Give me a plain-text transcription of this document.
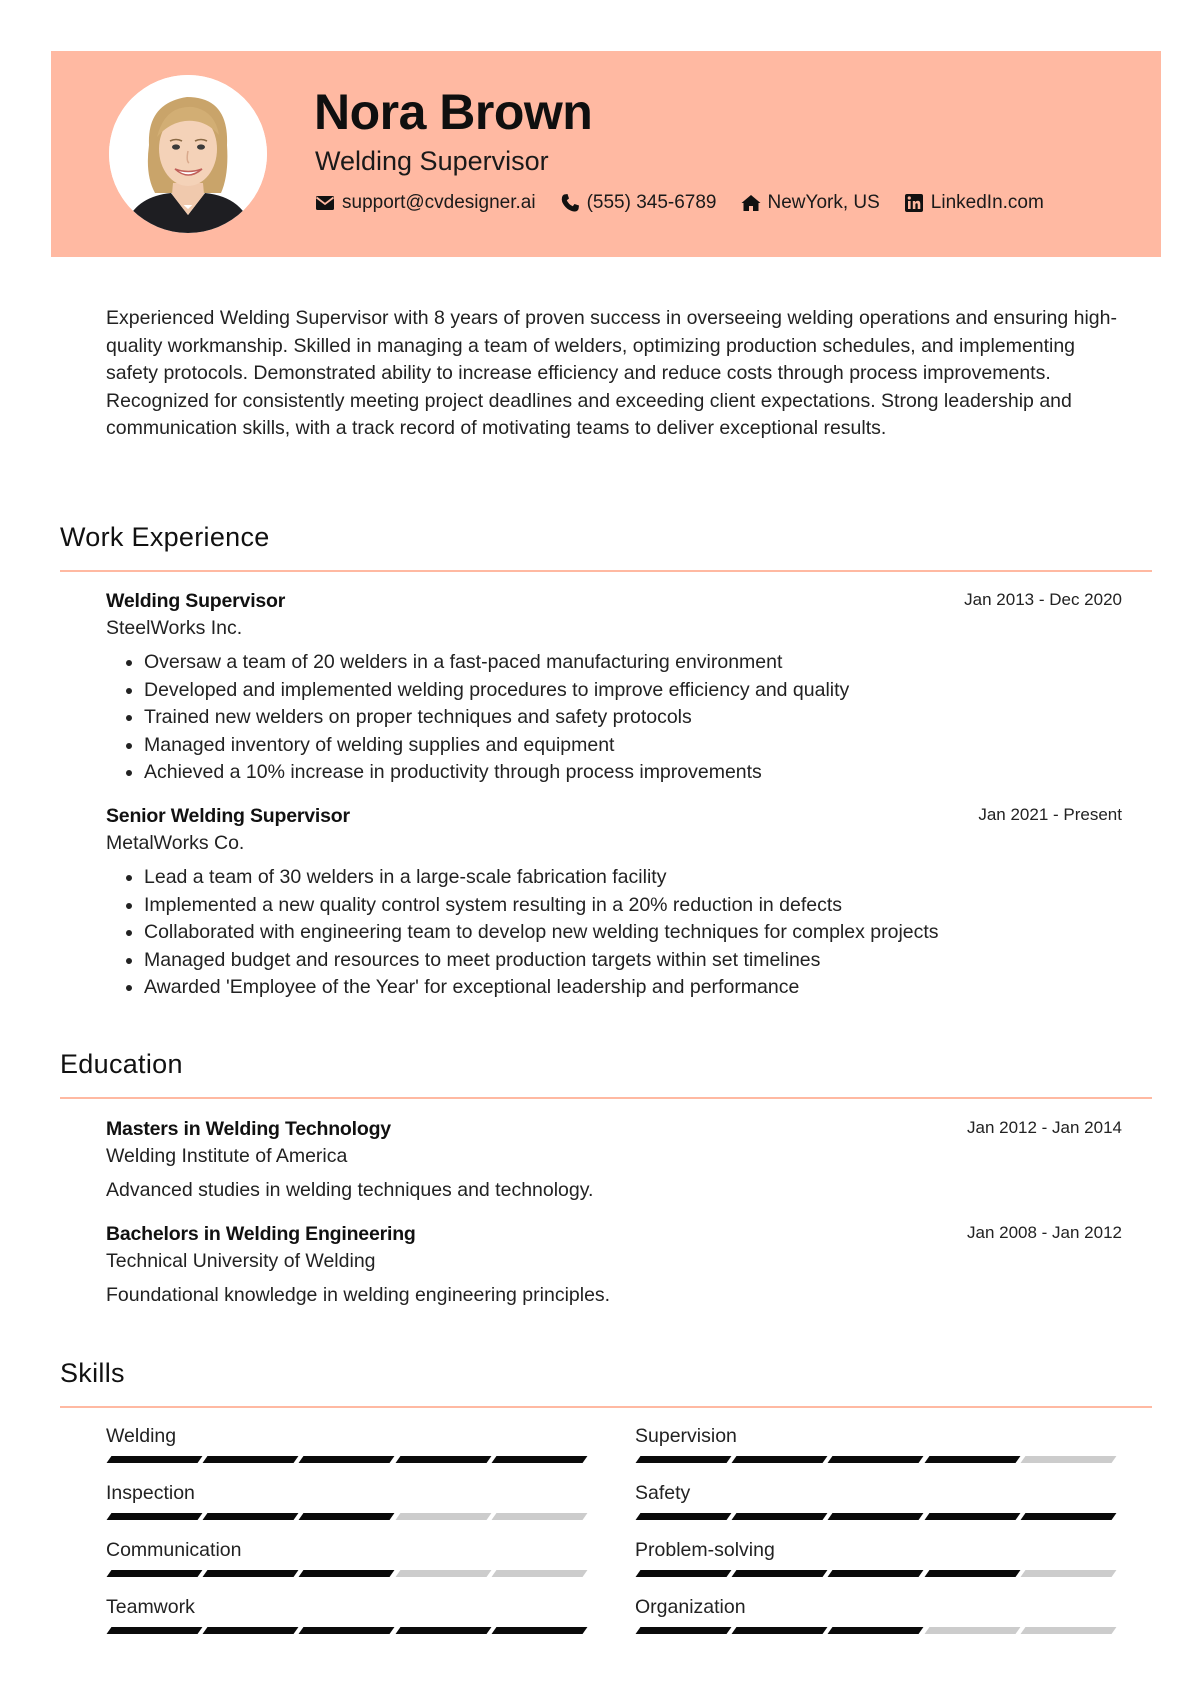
Nora Brown
Welding Supervisor
support@cvdesigner.ai	(555) 345-6789	NewYork, US	LinkedIn.com

Experienced Welding Supervisor with 8 years of proven success in overseeing welding operations and ensuring high-quality workmanship. Skilled in managing a team of welders, optimizing production schedules, and implementing safety protocols. Demonstrated ability to increase efficiency and reduce costs through process improvements. Recognized for consistently meeting project deadlines and exceeding client expectations. Strong leadership and communication skills, with a track record of motivating teams to deliver exceptional results.

Work Experience
Welding Supervisor
SteelWorks Inc.
Jan 2013 - Dec 2020
• Oversaw a team of 20 welders in a fast-paced manufacturing environment
• Developed and implemented welding procedures to improve efficiency and quality
• Trained new welders on proper techniques and safety protocols
• Managed inventory of welding supplies and equipment
• Achieved a 10% increase in productivity through process improvements
Senior Welding Supervisor
MetalWorks Co.
Jan 2021 - Present
• Lead a team of 30 welders in a large-scale fabrication facility
• Implemented a new quality control system resulting in a 20% reduction in defects
• Collaborated with engineering team to develop new welding techniques for complex projects
• Managed budget and resources to meet production targets within set timelines
• Awarded 'Employee of the Year' for exceptional leadership and performance
Education
Masters in Welding Technology
Welding Institute of America
Jan 2012 - Jan 2014
Advanced studies in welding techniques and technology.
Bachelors in Welding Engineering
Technical University of Welding
Jan 2008 - Jan 2012
Foundational knowledge in welding engineering principles.
Skills
Welding	Supervision
Inspection	Safety
Communication	Problem-solving
Teamwork	Organization
